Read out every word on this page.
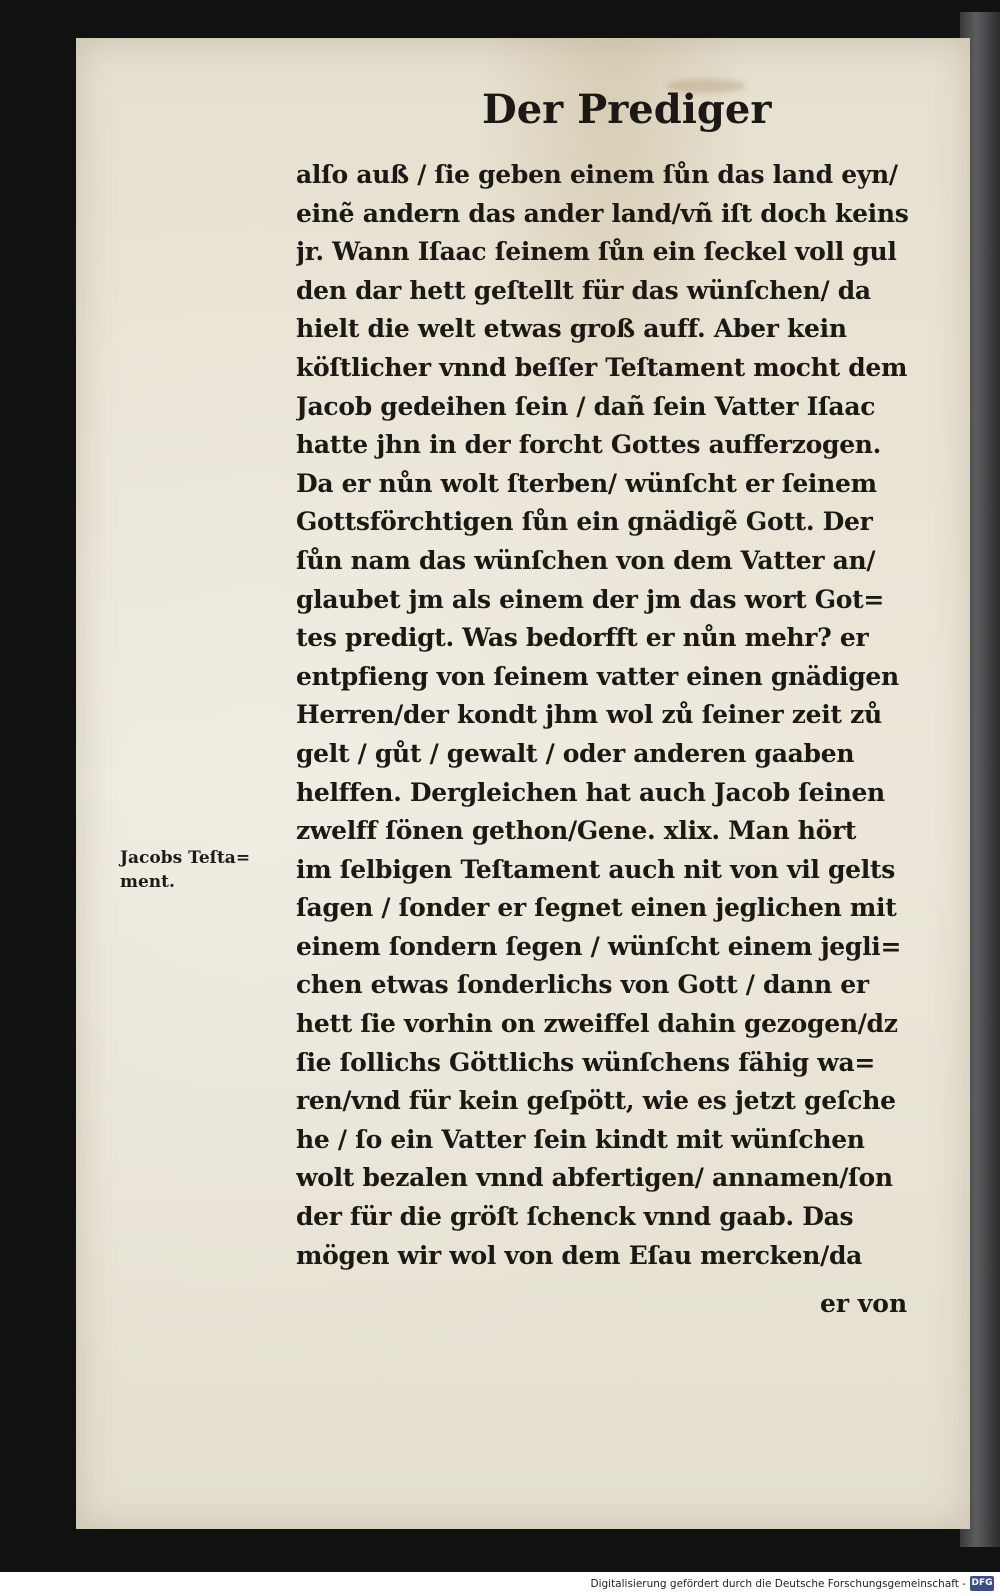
Der Prediger
Jacobs Teſta=
ment.
alſo auß / ſie geben einem ſůn das land eyn/
einẽ andern das ander land/vñ iſt doch keins
jr. Wann Iſaac ſeinem ſůn ein ſeckel voll gul
den dar hett geſtellt für das wünſchen/ da
hielt die welt etwas groß auff. Aber kein
köſtlicher vnnd beſſer Teſtament mocht dem
Jacob gedeihen ſein / dañ ſein Vatter Iſaac
hatte jhn in der forcht Gottes aufferzogen.
Da er nůn wolt ſterben/ wünſcht er ſeinem
Gottsförchtigen ſůn ein gnädigẽ Gott. Der
ſůn nam das wünſchen von dem Vatter an/
glaubet jm als einem der jm das wort Got=
tes predigt. Was bedorfft er nůn mehr? er
entpfieng von ſeinem vatter einen gnädigen
Herren/der kondt jhm wol zů ſeiner zeit zů
gelt / gůt / gewalt / oder anderen gaaben
helffen. Dergleichen hat auch Jacob ſeinen
zwelff ſönen gethon/Gene. xlix. Man hört
im ſelbigen Teſtament auch nit von vil gelts
ſagen / ſonder er ſegnet einen jeglichen mit
einem ſondern ſegen / wünſcht einem jegli=
chen etwas ſonderlichs von Gott / dann er
hett ſie vorhin on zweiffel dahin gezogen/dz
ſie ſollichs Göttlichs wünſchens fähig wa=
ren/vnd für kein geſpött, wie es jetzt geſche
he / ſo ein Vatter ſein kindt mit wünſchen
wolt bezalen vnnd abfertigen/ annamen/ſon
der für die gröſt ſchenck vnnd gaab. Das
mögen wir wol von dem Eſau mercken/da
er von
Digitalisierung gefördert durch die Deutsche Forschungsgemeinschaft - DFG
